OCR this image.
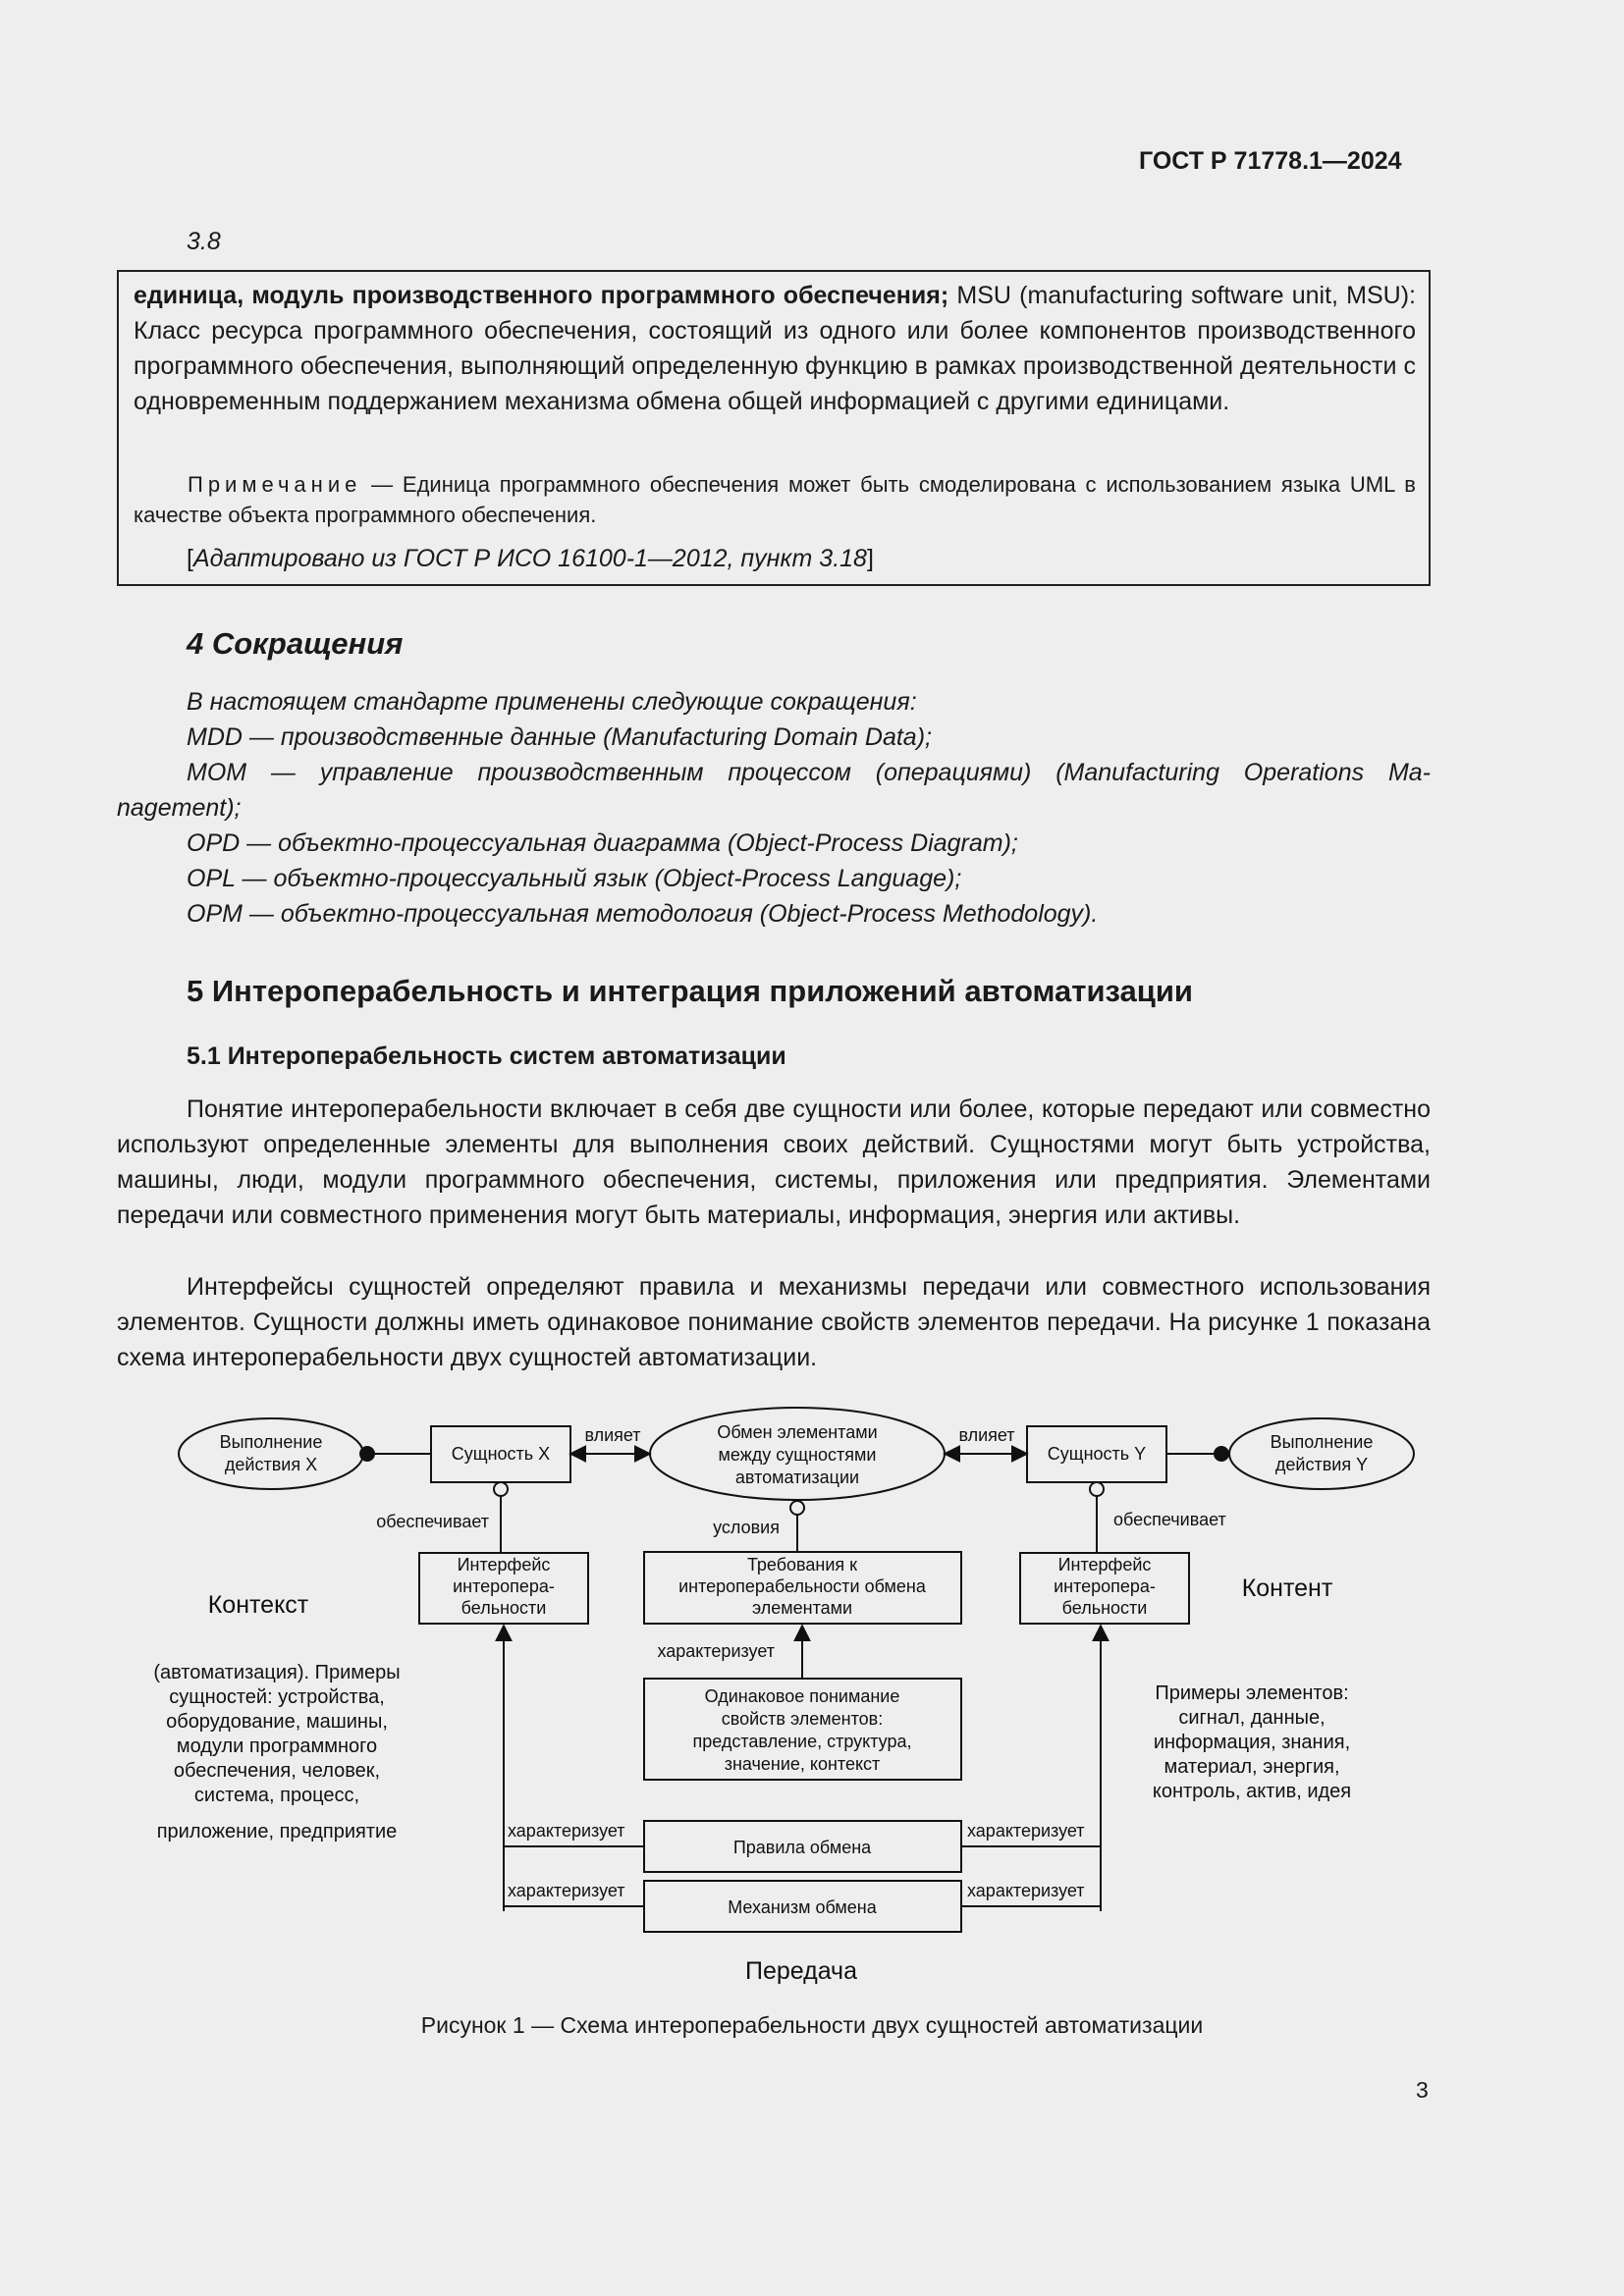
ГОСТ Р 71778.1—2024
3.8
единица, модуль производственного программного обеспечения; MSU (manufacturing software unit, MSU): Класс ресурса программного обеспечения, состоящий из одного или более компонентов производственного программного обеспечения, выполняющий определенную функцию в рамках производственной деятельности с одновременным поддержанием механизма обмена общей информацией с другими единицами.
Примечание — Единица программного обеспечения может быть смоделирована с использованием языка UML в качестве объекта программного обеспечения.
[Адаптировано из ГОСТ Р ИСО 16100-1—2012, пункт 3.18]
4 Сокращения
В настоящем стандарте применены следующие сокращения:
MDD — производственные данные (Manufacturing Domain Data);
MOM — управление производственным процессом (операциями) (Manufacturing Operations Ma-
nagement);
OPD — объектно-процессуальная диаграмма (Object-Process Diagram);
OPL — объектно-процессуальный язык (Object-Process Language);
OPM — объектно-процессуальная методология (Object-Process Methodology).
5 Интероперабельность и интеграция приложений автоматизации
5.1 Интероперабельность систем автоматизации
Понятие интероперабельности включает в себя две сущности или более, которые передают или совместно используют определенные элементы для выполнения своих действий. Сущностями могут быть устройства, машины, люди, модули программного обеспечения, системы, приложения или предприятия. Элементами передачи или совместного применения могут быть материалы, информация, энергия или активы.
Интерфейсы сущностей определяют правила и механизмы передачи или совместного использования элементов. Сущности должны иметь одинаковое понимание свойств элементов передачи. На рисунке 1 показана схема интероперабельности двух сущностей автоматизации.
Выполнение
действия X
Выполнение
действия Y
Сущность X	Сущность Y
влияет	влияет
Обмен элементами
между сущностями
автоматизации
обеспечивает	обеспечивает
условия
Интерфейс
интеропера-
бельности
Интерфейс
интеропера-
бельности
Требования к
интероперабельности обмена
элементами
характеризует
Одинаковое понимание
свойств элементов:
представление, структура,
значение, контекст
Правила обмена
Механизм обмена
характеризует
характеризует
характеризует
характеризует
(автоматизация). Примеры
сущностей: устройства,
оборудование, машины,
модули программного
обеспечения, человек,
система, процесс,
приложение, предприятие
Примеры элементов:
сигнал, данные,
информация, знания,
материал, энергия,
контроль, актив, идея
Контекст
Контент
Передача
Рисунок 1 — Схема интероперабельности двух сущностей автоматизации
3
